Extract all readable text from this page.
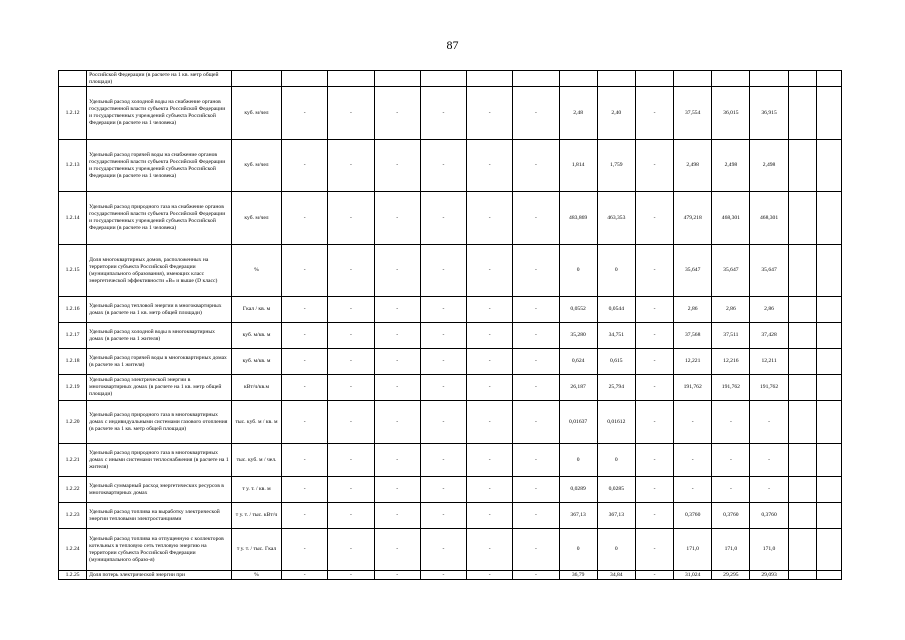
87
	Российской Федерации (в расчете на 1 кв. метр общей площади)															
1.2.12	Удельный расход холодной воды на снабжение органов государственной власти субъекта Российской Федерации и государственных учреждений субъекта Российской Федерации (в расчете на 1 человека)	куб. м/чел	-	-	-	-	-	-	2,48	2,40	-	37,554	36,015	36,915		
1.2.13	Удельный расход горячей воды на снабжение органов государственной власти субъекта Российской Федерации и государственных учреждений субъекта Российской Федерации (в расчете на 1 человека)	куб. м/чел	-	-	-	-	-	-	1,814	1,759	-	2,498	2,498	2,498		
1.2.14	Удельный расход природного газа на снабжение органов государственной власти субъекта Российской Федерации и государственных учреждений субъекта Российской Федерации (в расчете на 1 человека)	куб. м/чел	-	-	-	-	-	-	483,869	463,353	-	479,218	468,301	468,301		
1.2.15	Доля многоквартирных домов, расположенных на территории субъекта Российской Федерации (муниципального образования), имеющих класс энергетической эффективности «В» и выше (D класс)	%	-	-	-	-	-	-	0	0	-	35,647	35,647	35,647		
1.2.16	Удельный расход тепловой энергии в многоквартирных домах (в расчете на 1 кв. метр общей площади)	Гкал / кв. м	-	-	-	-	-	-	0,0552	0,0544	-	2,86	2,86	2,86		
1.2.17	Удельный расход холодной воды в многоквартирных домах (в расчете на 1 жителя)	куб. м/кв. м	-	-	-	-	-	-	35,280	34,751	-	37,568	37,511	37,428		
1.2.18	Удельный расход горячей воды в многоквартирных домах (в расчете на 1 жителя)	куб. м/кв. м	-	-	-	-	-	-	0,624	0,615	-	12,221	12,216	12,211		
1.2.19	Удельный расход электрической энергии в многоквартирных домах (в расчете на 1 кв. метр общей площади)	кВт/ч/кв.м	-	-	-	-	-	-	26,187	25,794	-	191,762	191,762	191,762		
1.2.20	Удельный расход природного газа в многоквартирных домах с индивидуальными системами газового отопления (в расчете на 1 кв. метр общей площади)	тыс. куб. м / кв. м	-	-	-	-	-	-	0,01637	0,01612	-	-	-	-		
1.2.21	Удельный расход природного газа в многоквартирных домах с иными системами теплоснабжения (в расчете на 1 жителя)	тыс. куб. м / чел.	-	-	-	-	-	-	0	0	-	-	-	-		
1.2.22	Удельный суммарный расход энергетических ресурсов в многоквартирных домах	т у. т. / кв. м	-	-	-	-	-	-	0,0289	0,0285	-	-	-	-		
1.2.23	Удельный расход топлива на выработку электрической энергии тепловыми электростанциями	т у. т. / тыс. кВт/ч	-	-	-	-	-	-	367,13	367,13	-	0,3760	0,3760	0,3760		
1.2.24	Удельный расход топлива на отпущенную с коллекторов котельных в тепловую сеть тепловую энергию на территории субъекта Российской Федерации (муниципального образо-я)	т у. т. / тыс. Гкал	-	-	-	-	-	-	0	0	-	171,0	171,0	171,0		
1.2.25	Доля потерь электрической энергии при	%	-	-	-	-	-	-	36,79	34,84	-	31,024	29,295	29,093		
